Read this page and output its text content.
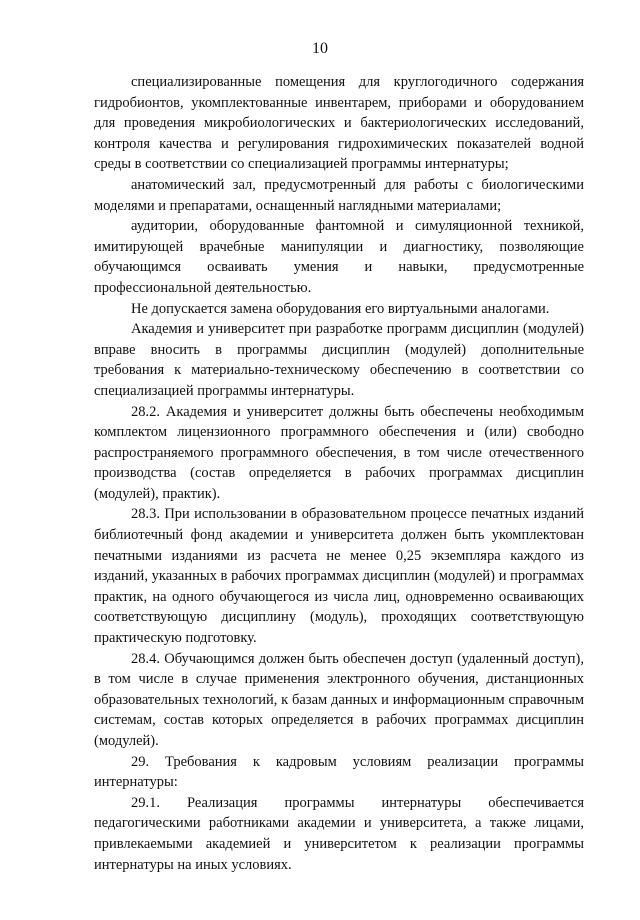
10

специализированные помещения для круглогодичного содержания гидробионтов, укомплектованные инвентарем, приборами и оборудованием для проведения микробиологических и бактериологических исследований, контроля качества и регулирования гидрохимических показателей водной среды в соответствии со специализацией программы интернатуры;

анатомический зал, предусмотренный для работы с биологическими моделями и препаратами, оснащенный наглядными материалами;

аудитории, оборудованные фантомной и симуляционной техникой, имитирующей врачебные манипуляции и диагностику, позволяющие обучающимся осваивать умения и навыки, предусмотренные профессиональной деятельностью.

Не допускается замена оборудования его виртуальными аналогами.

Академия и университет при разработке программ дисциплин (модулей) вправе вносить в программы дисциплин (модулей) дополнительные требования к материально-техническому обеспечению в соответствии со специализацией программы интернатуры.

28.2. Академия и университет должны быть обеспечены необходимым комплектом лицензионного программного обеспечения и (или) свободно распространяемого программного обеспечения, в том числе отечественного производства (состав определяется в рабочих программах дисциплин (модулей), практик).

28.3. При использовании в образовательном процессе печатных изданий библиотечный фонд академии и университета должен быть укомплектован печатными изданиями из расчета не менее 0,25 экземпляра каждого из изданий, указанных в рабочих программах дисциплин (модулей) и программах практик, на одного обучающегося из числа лиц, одновременно осваивающих соответствующую дисциплину (модуль), проходящих соответствующую практическую подготовку.

28.4. Обучающимся должен быть обеспечен доступ (удаленный доступ), в том числе в случае применения электронного обучения, дистанционных образовательных технологий, к базам данных и информационным справочным системам, состав которых определяется в рабочих программах дисциплин (модулей).

29. Требования к кадровым условиям реализации программы интернатуры:

29.1. Реализация программы интернатуры обеспечивается педагогическими работниками академии и университета, а также лицами, привлекаемыми академией и университетом к реализации программы интернатуры на иных условиях.
